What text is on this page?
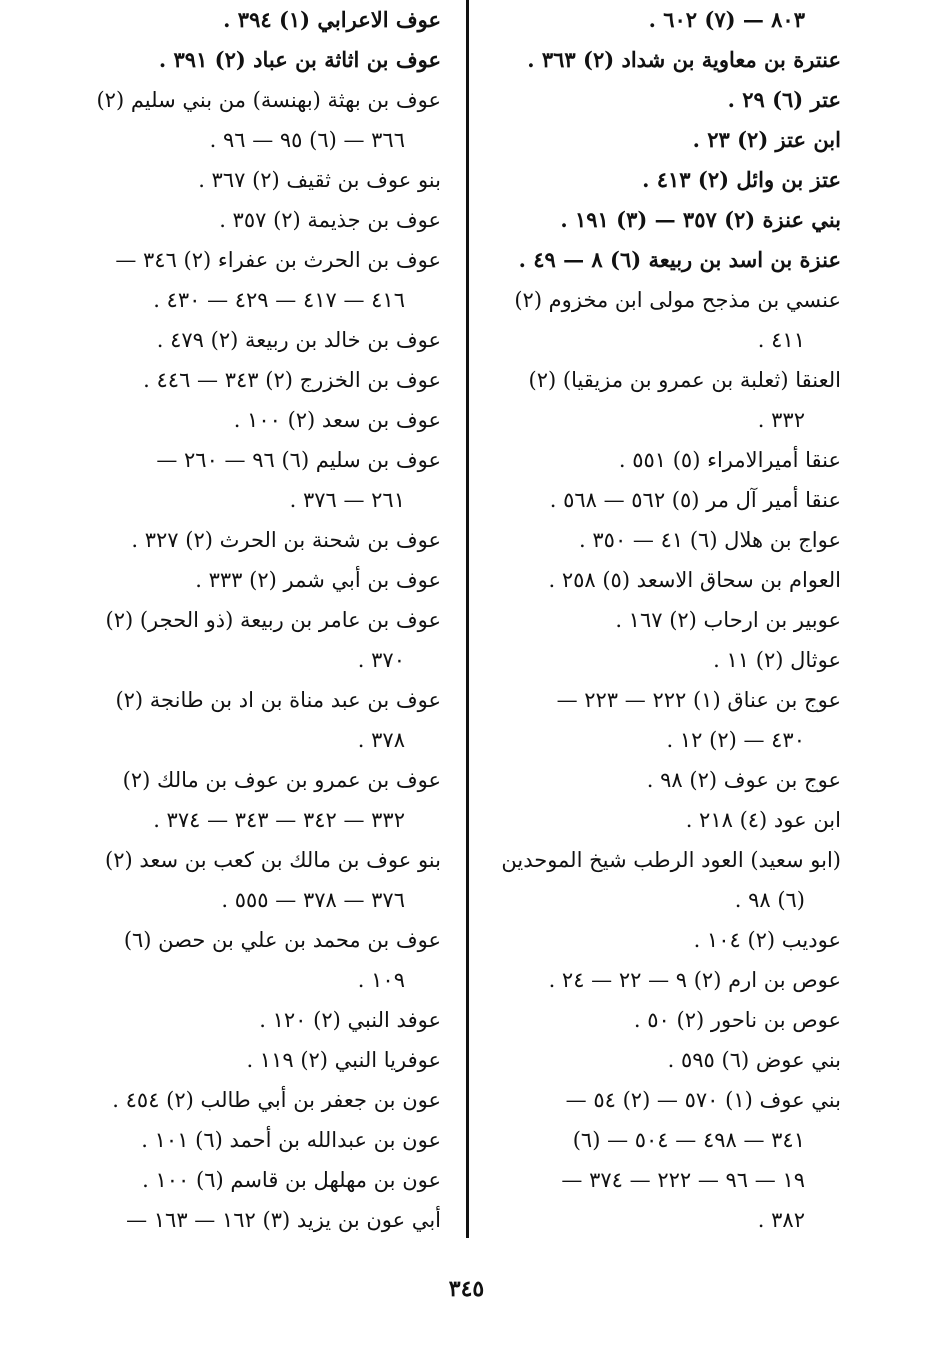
٨٠٣ — (٧) ٦٠٢ .
عنترة بن معاوية بن شداد (٢) ٣٦٣ .
عتر (٦) ٢٩ .
ابن عتز (٢) ٢٣ .
عتز بن وائل (٢) ٤١٣ .
بني عنزة (٢) ٣٥٧ — (٣) ١٩١ .
عنزة بن اسد بن ربيعة (٦) ٨ — ٤٩ .
عنسي بن مذجح مولى ابن مخزوم (٢)
٤١١ .
العنقا (ثعلبة بن عمرو بن مزيقيا) (٢)
٣٣٢ .
عنقا أميرالامراء (٥) ٥٥١ .
عنقا أمير آل مر (٥) ٥٦٢ — ٥٦٨ .
عواج بن هلال (٦) ٤١ — ٣٥٠ .
العوام بن سحاق الاسعد (٥) ٢٥٨ .
عوبير بن ارحاب (٢) ١٦٧ .
عوثال (٢) ١١ .
عوج بن عناق (١) ٢٢٢ — ٢٢٣ —
٤٣٠ — (٢) ١٢ .
عوج بن عوف (٢) ٩٨ .
ابن عود (٤) ٢١٨ .
(ابو سعيد) العود الرطب شيخ الموحدين
(٦) ٩٨ .
عوديب (٢) ١٠٤ .
عوص بن ارم (٢) ٩ — ٢٢ — ٢٤ .
عوص بن ناحور (٢) ٥٠ .
بني عوض (٦) ٥٩٥ .
بني عوف (١) ٥٧٠ — (٢) ٥٤ —
٣٤١ — ٤٩٨ — ٥٠٤ — (٦)
١٩ — ٩٦ — ٢٢٢ — ٣٧٤ —
٣٨٢ .
عوف الاعرابي (١) ٣٩٤ .
عوف بن اثاثة بن عباد (٢) ٣٩١ .
عوف بن بهثة (بهنسة) من بني سليم (٢)
٣٦٦ — (٦) ٩٥ — ٩٦ .
بنو عوف بن ثقيف (٢) ٣٦٧ .
عوف بن جذيمة (٢) ٣٥٧ .
عوف بن الحرث بن عفراء (٢) ٣٤٦ —
٤١٦ — ٤١٧ — ٤٢٩ — ٤٣٠ .
عوف بن خالد بن ربيعة (٢) ٤٧٩ .
عوف بن الخزرج (٢) ٣٤٣ — ٤٤٦ .
عوف بن سعد (٢) ١٠٠ .
عوف بن سليم (٦) ٩٦ — ٢٦٠ —
٢٦١ — ٣٧٦ .
عوف بن شحنة بن الحرث (٢) ٣٢٧ .
عوف بن أبي شمر (٢) ٣٣٣ .
عوف بن عامر بن ربيعة (ذو الحجر) (٢)
٣٧٠ .
عوف بن عبد مناة بن اد بن طانجة (٢)
٣٧٨ .
عوف بن عمرو بن عوف بن مالك (٢)
٣٣٢ — ٣٤٢ — ٣٤٣ — ٣٧٤ .
بنو عوف بن مالك بن كعب بن سعد (٢)
٣٧٦ — ٣٧٨ — ٥٥٥ .
عوف بن محمد بن علي بن حصن (٦)
١٠٩ .
عوفد النبي (٢) ١٢٠ .
عوفريا النبي (٢) ١١٩ .
عون بن جعفر بن أبي طالب (٢) ٤٥٤ .
عون بن عبدالله بن أحمد (٦) ١٠١ .
عون بن مهلهل بن قاسم (٦) ١٠٠ .
أبي عون بن يزيد (٣) ١٦٢ — ١٦٣ —
٣٤٥
